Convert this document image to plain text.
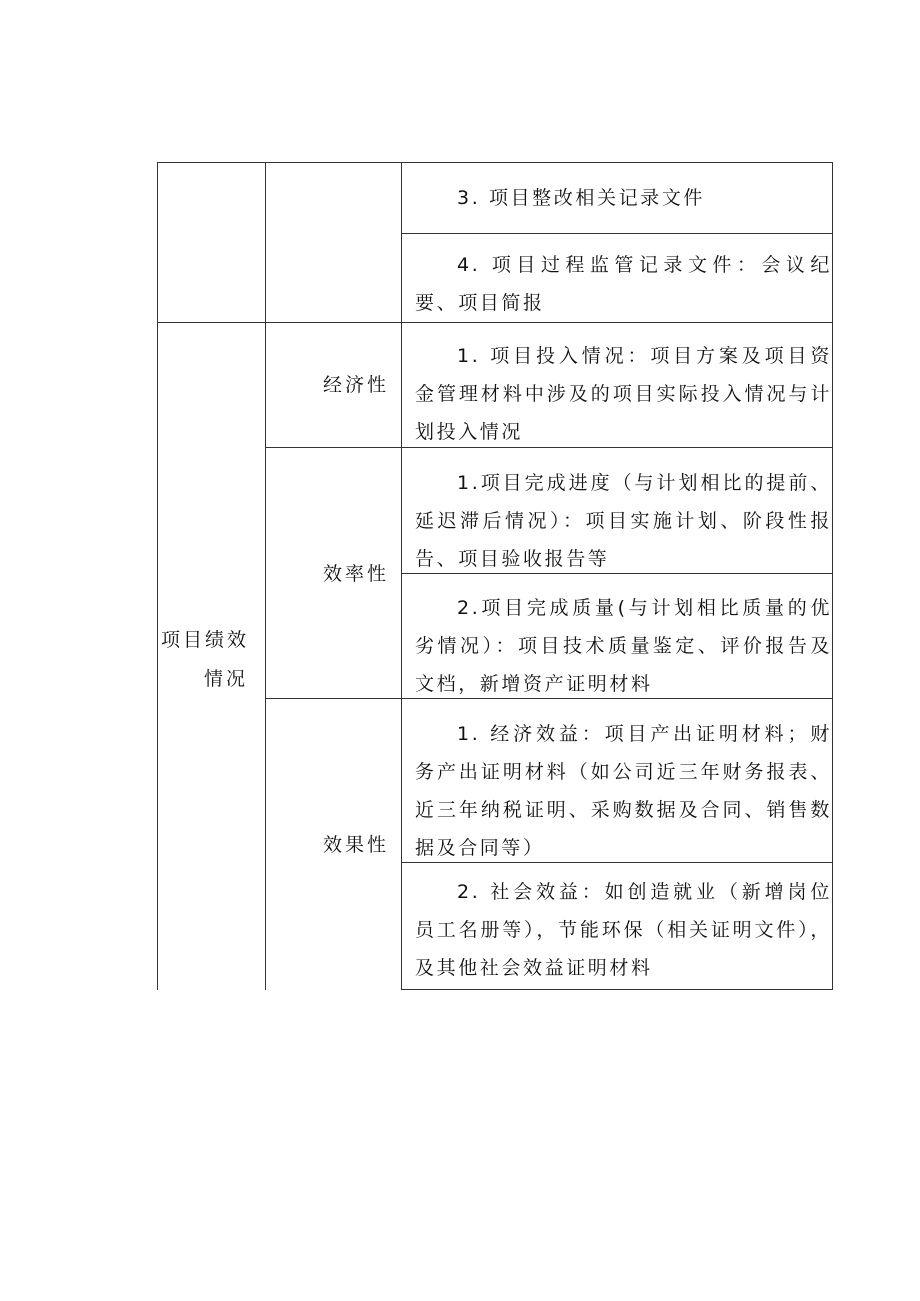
项目绩效
情况
经济性
效率性
效果性
3. 项目整改相关记录文件
4. 项目过程监管记录文件：会议纪要、项目简报
1. 项目投入情况：项目方案及项目资金管理材料中涉及的项目实际投入情况与计划投入情况
1.项目完成进度（与计划相比的提前、延迟滞后情况）：项目实施计划、阶段性报告、项目验收报告等
2.项目完成质量(与计划相比质量的优劣情况）：项目技术质量鉴定、评价报告及文档，新增资产证明材料
1. 经济效益：项目产出证明材料；财务产出证明材料（如公司近三年财务报表、近三年纳税证明、采购数据及合同、销售数据及合同等）
2. 社会效益：如创造就业（新增岗位员工名册等），节能环保（相关证明文件），及其他社会效益证明材料
